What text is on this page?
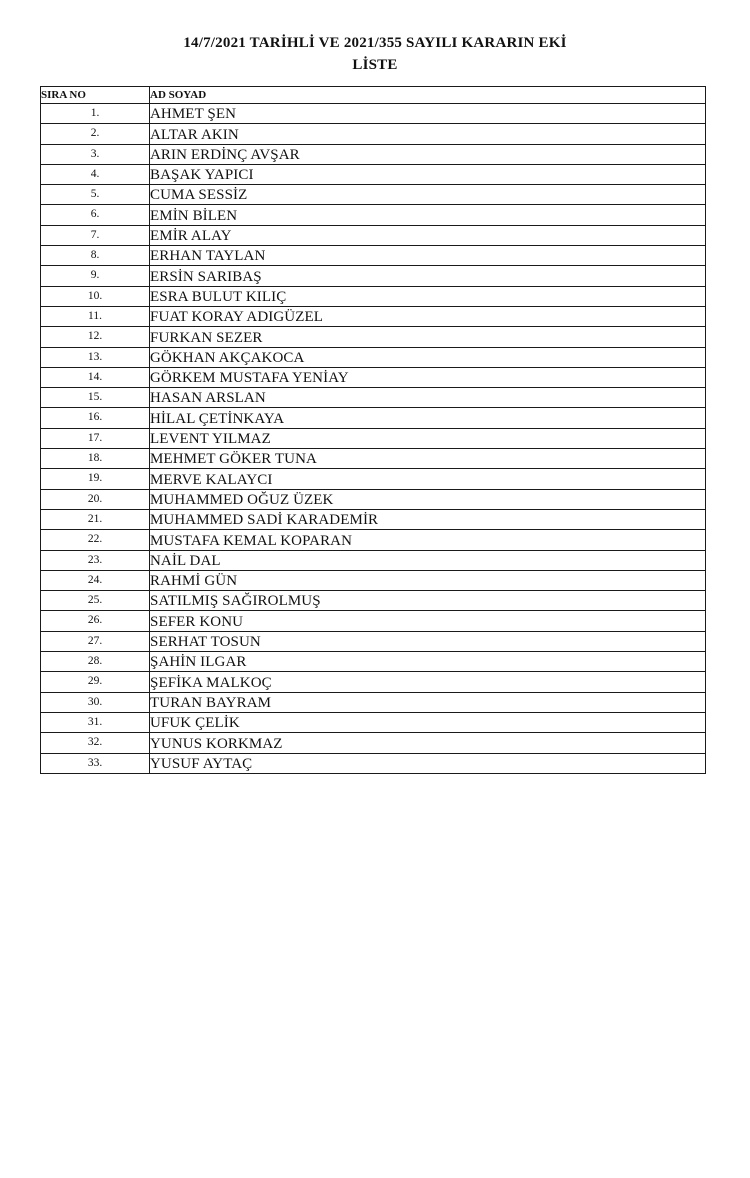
14/7/2021 TARİHLİ VE 2021/355 SAYILI KARARIN EKİ
LİSTE
SIRA NO	AD SOYAD
1.	AHMET ŞEN
2.	ALTAR AKIN
3.	ARIN ERDİNÇ AVŞAR
4.	BAŞAK YAPICI
5.	CUMA SESSİZ
6.	EMİN BİLEN
7.	EMİR ALAY
8.	ERHAN TAYLAN
9.	ERSİN SARIBAŞ
10.	ESRA BULUT KILIÇ
11.	FUAT KORAY ADIGÜZEL
12.	FURKAN SEZER
13.	GÖKHAN AKÇAKOCA
14.	GÖRKEM MUSTAFA YENİAY
15.	HASAN ARSLAN
16.	HİLAL ÇETİNKAYA
17.	LEVENT YILMAZ
18.	MEHMET GÖKER TUNA
19.	MERVE KALAYCI
20.	MUHAMMED OĞUZ ÜZEK
21.	MUHAMMED SADİ KARADEMİR
22.	MUSTAFA KEMAL KOPARAN
23.	NAİL DAL
24.	RAHMİ GÜN
25.	SATILMIŞ SAĞIROLMUŞ
26.	SEFER KONU
27.	SERHAT TOSUN
28.	ŞAHİN ILGAR
29.	ŞEFİKA MALKOÇ
30.	TURAN BAYRAM
31.	UFUK ÇELİK
32.	YUNUS KORKMAZ
33.	YUSUF AYTAÇ
